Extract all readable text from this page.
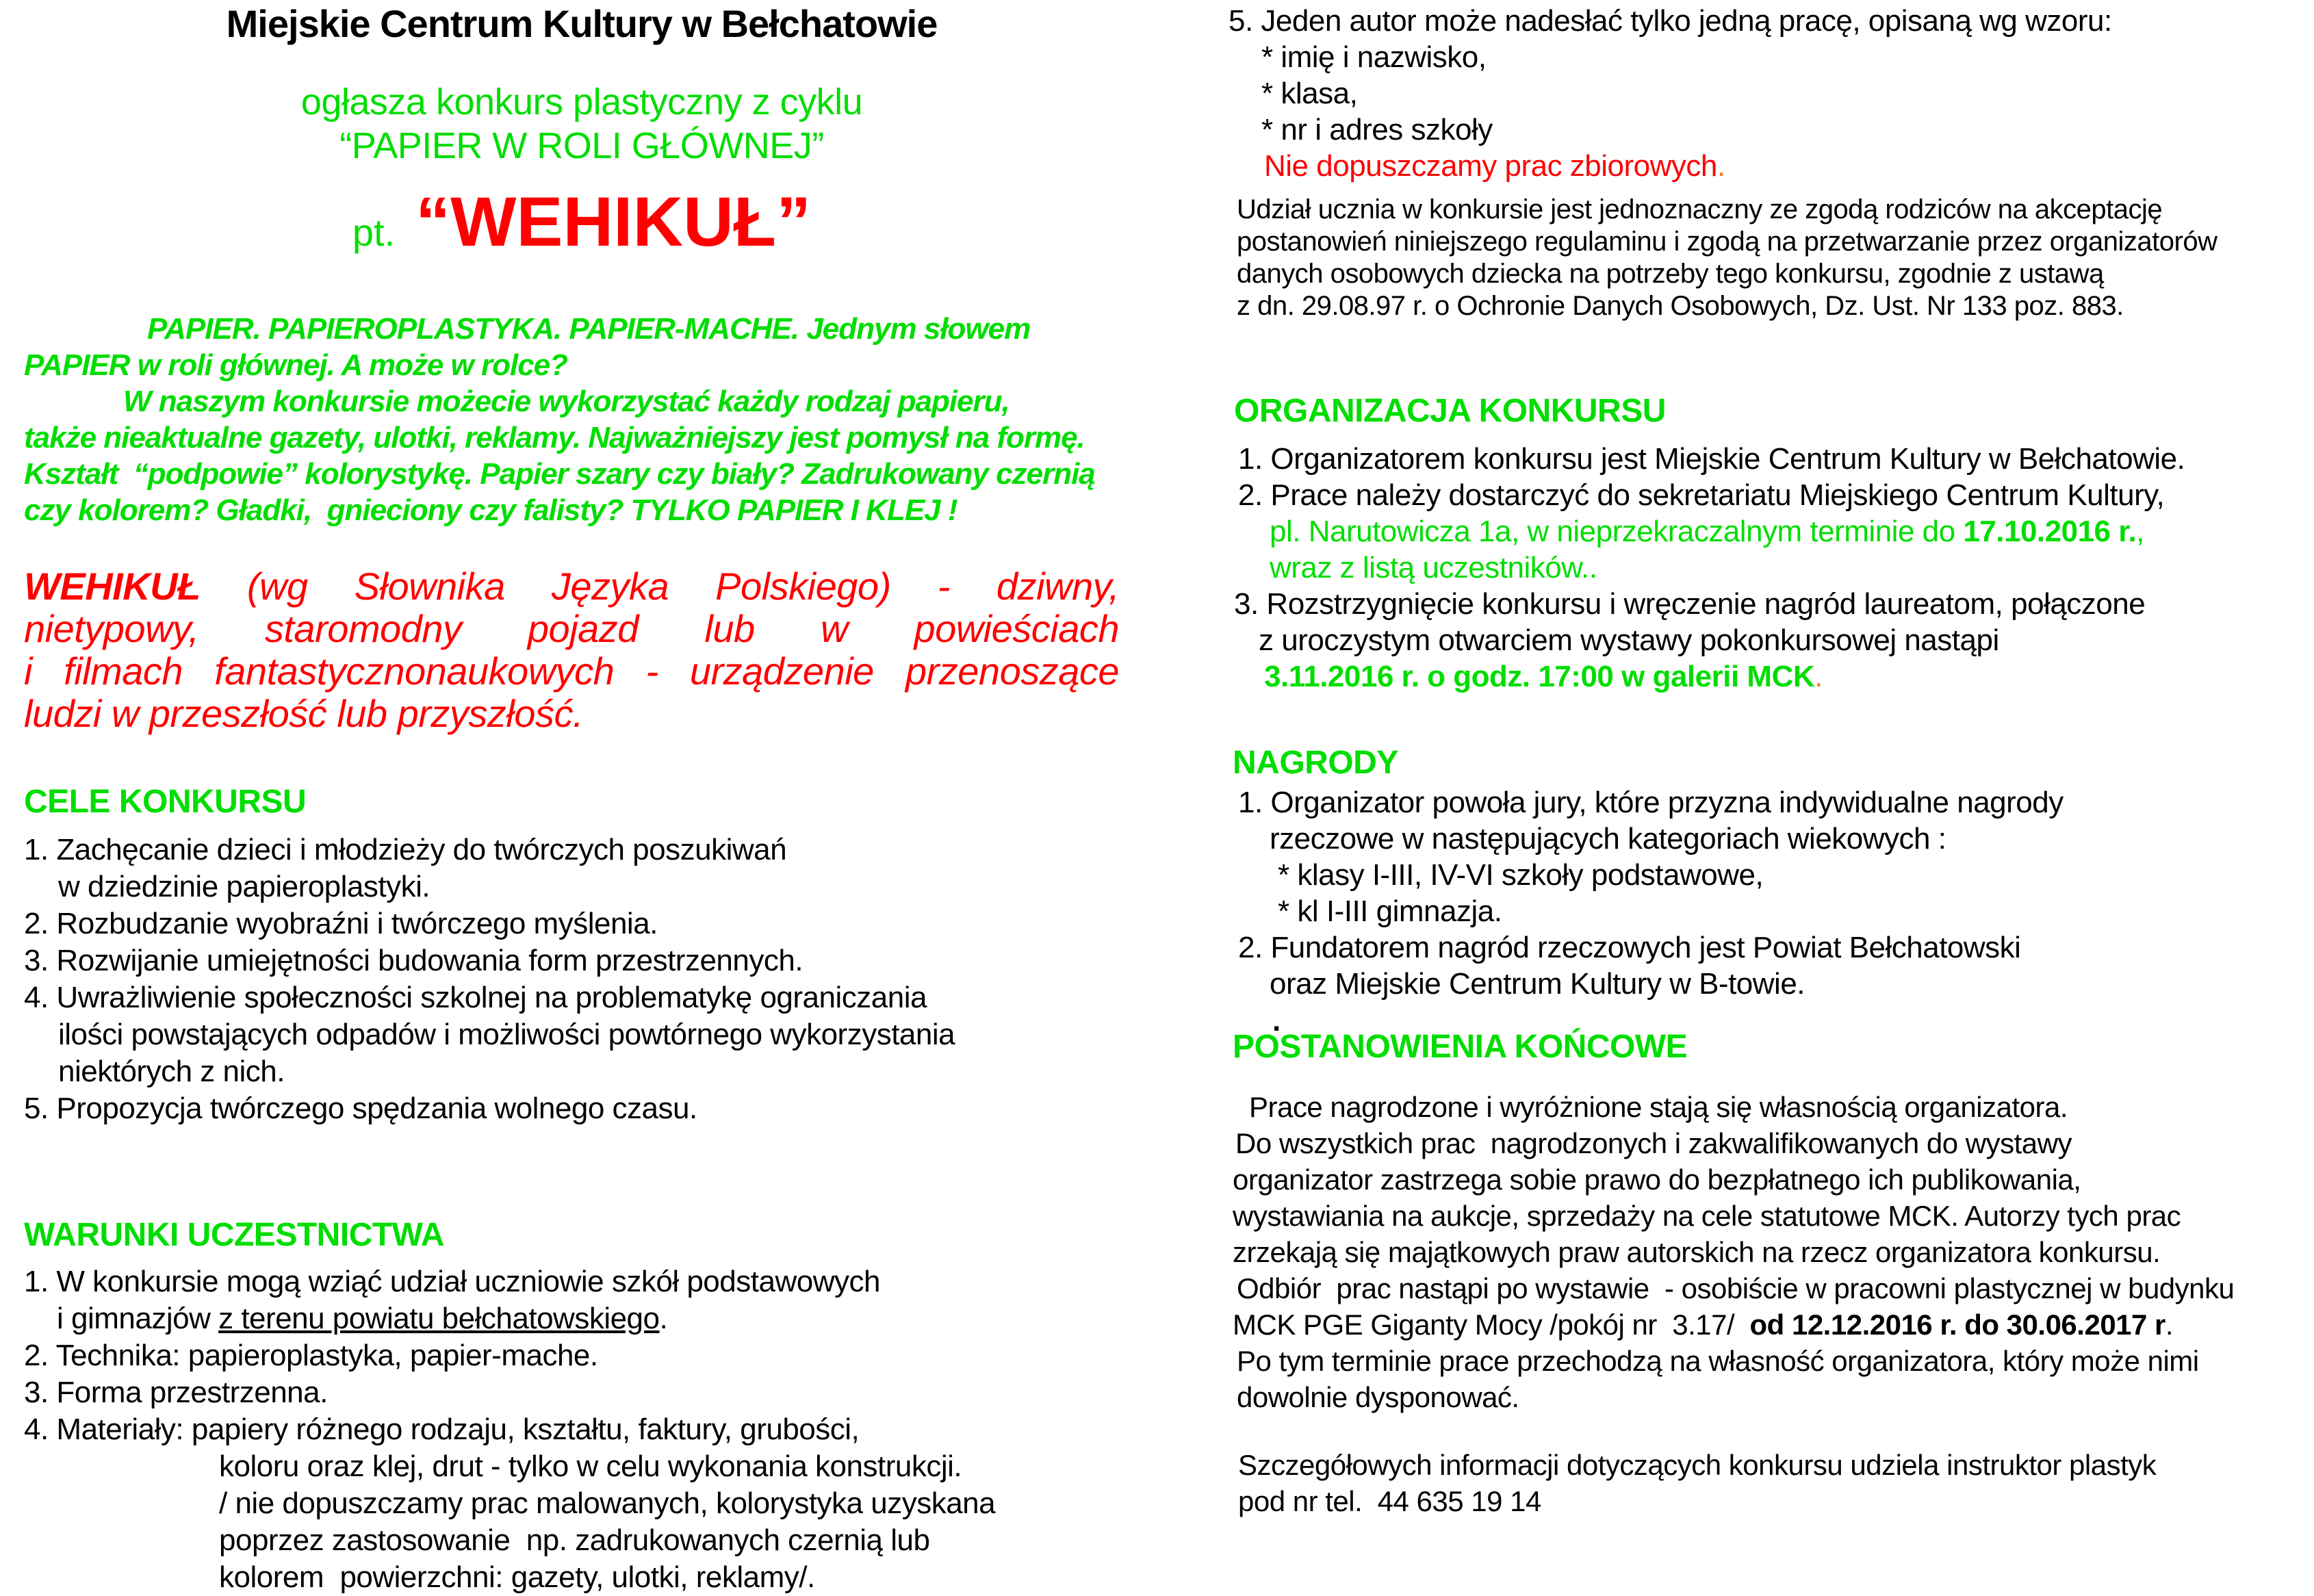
Miejskie Centrum Kultury w Bełchatowie
ogłasza konkurs plastyczny z cyklu
“PAPIER W ROLI GŁÓWNEJ”
pt. “WEHIKUŁ”
PAPIER. PAPIEROPLASTYKA. PAPIER-MACHE. Jednym słowem
PAPIER w roli głównej. A może w rolce?
W naszym konkursie możecie wykorzystać każdy rodzaj papieru,
także nieaktualne gazety, ulotki, reklamy. Najważniejszy jest pomysł na formę.
Kształt  “podpowie” kolorystykę. Papier szary czy biały? Zadrukowany czernią
czy kolorem? Gładki,  gnieciony czy falisty? TYLKO PAPIER I KLEJ !
WEHIKUŁ (wg Słownika Języka Polskiego) - dziwny,
nietypowy, staromodny pojazd lub w powieściach
i filmach fantastycznonaukowych - urządzenie przenoszące
ludzi w przeszłość lub przyszłość.
CELE KONKURSU
1. Zachęcanie dzieci i młodzieży do twórczych poszukiwań
w dziedzinie papieroplastyki.
2. Rozbudzanie wyobraźni i twórczego myślenia.
3. Rozwijanie umiejętności budowania form przestrzennych.
4. Uwrażliwienie społeczności szkolnej na problematykę ograniczania
ilości powstających odpadów i możliwości powtórnego wykorzystania
niektórych z nich.
5. Propozycja twórczego spędzania wolnego czasu.
WARUNKI UCZESTNICTWA
1. W konkursie mogą wziąć udział uczniowie szkół podstawowych
i gimnazjów z terenu powiatu bełchatowskiego.
2. Technika: papieroplastyka, papier-mache.
3. Forma przestrzenna.
4. Materiały: papiery różnego rodzaju, kształtu, faktury, grubości,
koloru oraz klej, drut - tylko w celu wykonania konstrukcji.
/ nie dopuszczamy prac malowanych, kolorystyka uzyskana
poprzez zastosowanie  np. zadrukowanych czernią lub
kolorem  powierzchni: gazety, ulotki, reklamy/.
5. Jeden autor może nadesłać tylko jedną pracę, opisaną wg wzoru:
* imię i nazwisko,
* klasa,
* nr i adres szkoły
Nie dopuszczamy prac zbiorowych.
Udział ucznia w konkursie jest jednoznaczny ze zgodą rodziców na akceptację
postanowień niniejszego regulaminu i zgodą na przetwarzanie przez organizatorów
danych osobowych dziecka na potrzeby tego konkursu, zgodnie z ustawą
z dn. 29.08.97 r. o Ochronie Danych Osobowych, Dz. Ust. Nr 133 poz. 883.
ORGANIZACJA KONKURSU
1. Organizatorem konkursu jest Miejskie Centrum Kultury w Bełchatowie.
2. Prace należy dostarczyć do sekretariatu Miejskiego Centrum Kultury,
pl. Narutowicza 1a, w nieprzekraczalnym terminie do 17.10.2016 r.,
wraz z listą uczestników..
3. Rozstrzygnięcie konkursu i wręczenie nagród laureatom, połączone
z uroczystym otwarciem wystawy pokonkursowej nastąpi
3.11.2016 r. o godz. 17:00 w galerii MCK.
NAGRODY
1. Organizator powoła jury, które przyzna indywidualne nagrody
rzeczowe w następujących kategoriach wiekowych :
* klasy I-III, IV-VI szkoły podstawowe,
* kl I-III gimnazja.
2. Fundatorem nagród rzeczowych jest Powiat Bełchatowski
oraz Miejskie Centrum Kultury w B-towie.
.
POSTANOWIENIA KOŃCOWE
Prace nagrodzone i wyróżnione stają się własnością organizatora.
Do wszystkich prac  nagrodzonych i zakwalifikowanych do wystawy
organizator zastrzega sobie prawo do bezpłatnego ich publikowania,
wystawiania na aukcje, sprzedaży na cele statutowe MCK. Autorzy tych prac
zrzekają się majątkowych praw autorskich na rzecz organizatora konkursu.
Odbiór  prac nastąpi po wystawie  - osobiście w pracowni plastycznej w budynku
MCK PGE Giganty Mocy /pokój nr  3.17/  od 12.12.2016 r. do 30.06.2017 r.
Po tym terminie prace przechodzą na własność organizatora, który może nimi
dowolnie dysponować.
Szczegółowych informacji dotyczących konkursu udziela instruktor plastyk
pod nr tel.  44 635 19 14
